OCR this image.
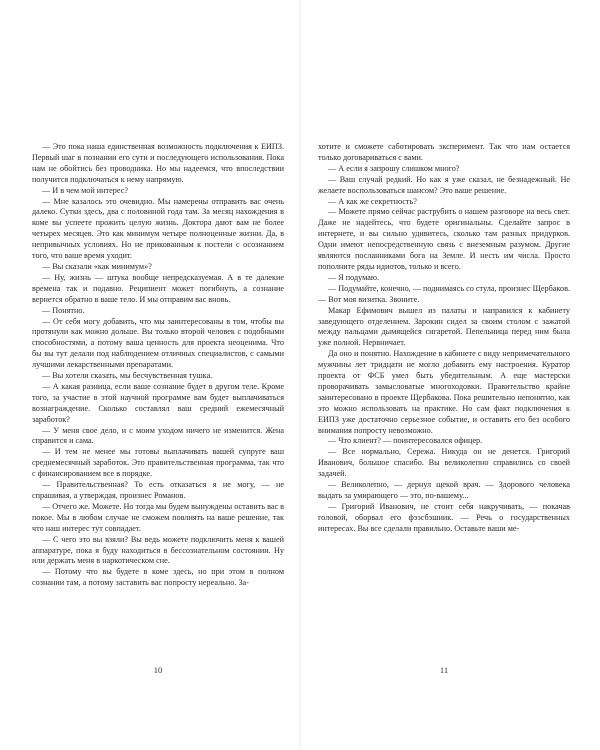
— Это пока наша единственная возможность подключения к ЕИПЗ. Первый шаг в познании его сути и последующего использования. Пока нам не обойтись без проводника. Но мы надеемся, что впоследствии получится подключаться к нему напрямую.

— И в чем мой интерес?

— Мне казалось это очевидно. Мы намерены отправить вас очень далеко. Сутки здесь, два с половиной года там. За месяц нахождения в коме вы успеете прожить целую жизнь. Доктора дают вам не более четырех месяцев. Это как минимум четыре полноценные жизни. Да, в непривычных условиях. Но не прикованным к постели с осознанием того, что ваше время уходит.

— Вы сказали «как минимум»?

— Ну, жизнь — штука вообще непредсказуемая. А в те далекие времена так и подавно. Реципиент может погибнуть, а сознание вернется обратно в ваше тело. И мы отправим вас вновь.

— Понятно.

— От себя могу добавить, что мы заинтересованы в том, чтобы вы протянули как можно дольше. Вы только второй человек с подобными способностями, а потому ваша ценность для проекта неоценима. Что бы вы тут делали под наблюдением отличных специалистов, с самыми лучшими лекарственными препаратами.

— Вы хотели сказать, мы бесчувственная тушка.

— А какая разница, если ваше сознание будет в другом теле. Кроме того, за участие в этой научной программе вам будет выплачиваться вознаграждение. Сколько составлял ваш средний ежемесячный заработок?

— У меня свое дело, и с моим уходом ничего не изменится. Жена справится и сама.

— И тем не менее мы готовы выплачивать вашей супруге ваш среднемесячный заработок. Это правительственная программа, так что с финансированием все в порядке.

— Правительственная? То есть отказаться я не могу, — не спрашивая, а утверждая, произнес Романов.

— Отчего же. Можете. Но тогда мы будем вынуждены оставить вас в покое. Мы в любом случае не сможем повлиять на ваше решение, так что наш интерес тут совпадает.

— С чего это вы взяли? Вы ведь можете подключить меня к вашей аппаратуре, пока я буду находиться в бессознательном состоянии. Ну или держать меня в наркотическом сне.

— Потому что вы будете в коме здесь, но при этом в полном сознании там, а потому заставить вас попросту нереально. За-

10

хотите и сможете саботировать эксперимент. Так что нам остается только договариваться с вами.

— А если я запрошу слишком много?

— Ваш случай редкий. Но как я уже сказал, не безнадежный. Не желаете воспользоваться шансом? Это ваше решение.

— А как же секретность?

— Можете прямо сейчас раструбить о нашем разговоре на весь свет. Даже не надейтесь, что будете оригинальны. Сделайте запрос в интернете, и вы сильно удивитесь, сколько там разных придурков. Одни имеют непосредственную связь с внеземным разумом. Другие являются посланниками бога на Земле. И несть им числа. Просто пополните ряды идиотов, только и всего.

— Я подумаю.

— Подумайте, конечно, — поднимаясь со стула, произнес Щербаков. — Вот моя визитка. Звоните.

Макар Ефимович вышел из палаты и направился к кабинету заведующего отделением. Зарокин сидел за своим столом с зажатой между пальцами дымящейся сигаретой. Пепельница перед ним была уже полной. Нервничает.

Да оно и понятно. Нахождение в кабинете с виду непримечательного мужчины лет тридцати не могло добавить ему настроения. Куратор проекта от ФСБ умел быть убедительным. А еще мастерски проворачивать замысловатые многоходовки. Правительство крайне заинтересовано в проекте Щербакова. Пока решительно непонятно, как это можно использовать на практике. Но сам факт подключения к ЕИПЗ уже достаточно серьезное событие, и оставить его без особого внимания попросту невозможно.

— Что клиент? — поинтересовался офицер.

— Все нормально, Сережа. Никуда он не денется. Григорий Иванович, большое спасибо. Вы великолепно справились со своей задачей.

— Великолепно, — дернул щекой врач. — Здорового человека выдать за умирающего — это, по-вашему...

— Григорий Иванович, не стоит себя накручивать, — покачав головой, оборвал его фээсбэшник. — Речь о государственных интересах. Вы все сделали правильно. Оставьте ваши ме-

11
